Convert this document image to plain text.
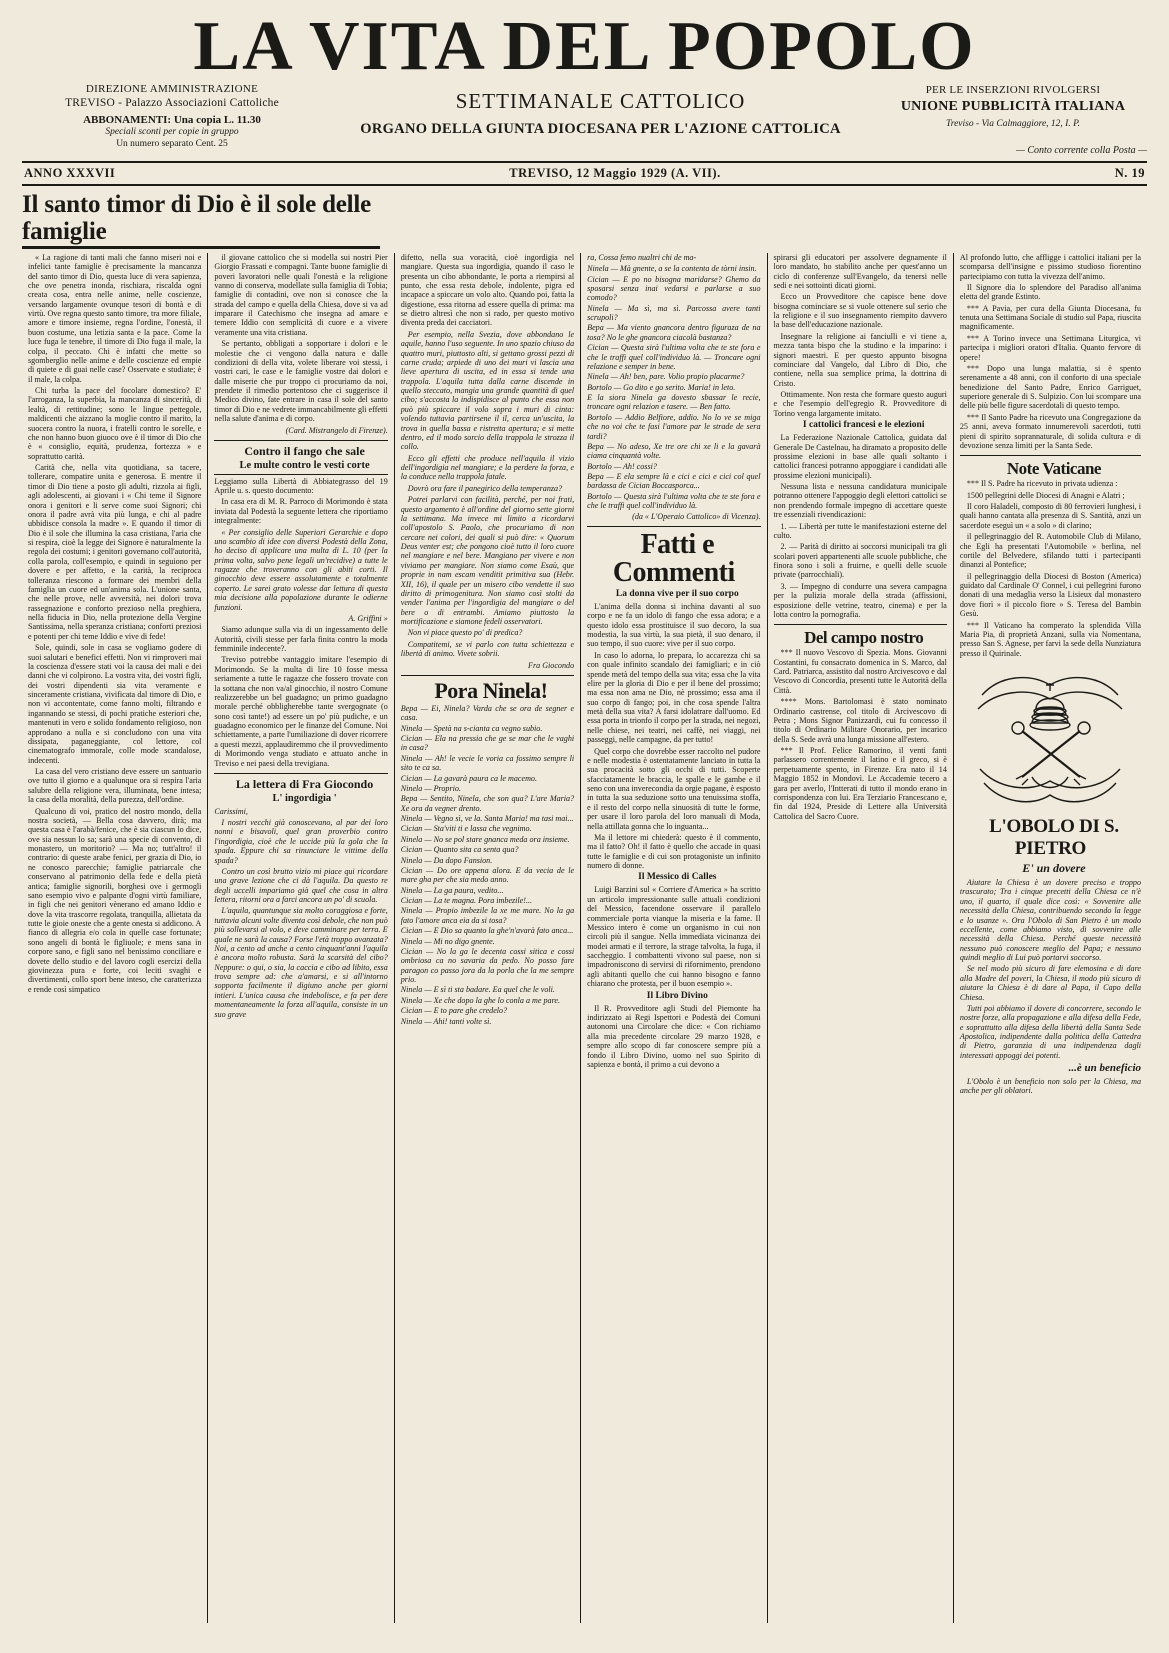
LA VITA DEL POPOLO
DIREZIONE AMMINISTRAZIONE
TREVISO - Palazzo Associazioni Cattoliche
ABBONAMENTI: Una copia L. 11.30
Speciali sconti per copie in gruppo
Un numero separato Cent. 25
SETTIMANALE CATTOLICO
ORGANO DELLA GIUNTA DIOCESANA PER L'AZIONE CATTOLICA
PER LE INSERZIONI RIVOLGERSI
UNIONE PUBBLICITÀ ITALIANA
Treviso - Via Calmaggiore, 12, I. P.
— Conto corrente colla Posta —
ANNO XXXVII	TREVISO, 12 Maggio 1929 (A. VII).	N. 19
Il santo timor di Dio è il sole delle famiglie

« La ragione di tanti mali che fanno miseri noi e infelici tante famiglie è precisamente la mancanza del santo timor di Dio, questa luce di vera sapienza, che ove penetra inonda, rischiara, riscalda ogni creata cosa, entra nelle anime, nelle coscienze, versando largamente ovunque tesori di bontà e di virtù. Ove regna questo santo timore, tra more filiale, amore e timore insieme, regna l'ordine, l'onestà, il buon costume, una letizia santa e la pace. Come la luce fuga le tenebre, il timore di Dio fuga il male, la colpa, il peccato. Chi è infatti che mette so sgomberglio nelle anime e delle coscienze ed empie di quiete e di guai nelle case? Osservate e studiate; è il male, la colpa.

Chi turba la pace del focolare domestico? E' l'arroganza, la superbia, la mancanza di sincerità, di lealtà, di rettitudine; sono le lingue pettegole, maldicenti che aizzano la moglie contro il marito, la suocera contro la nuora, i fratelli contro le sorelle, e che non hanno buon giuoco ove è il timor di Dio che è « consiglio, equità, prudenza, fortezza » e soprattutto carità.

Carità che, nella vita quotidiana, sa tacere, tollerare, compatire unita e generosa. E mentre il timor di Dio tiene a posto gli adulti, rizzola ai figli, agli adolescenti, ai giovani i « Chi teme il Signore onora i genitori e li serve come suoi Signori; chi onora il padre avrà vita più lunga, e chi al padre ubbidisce consola la madre ». E quando il timor di Dio è il sole che illumina la casa cristiana, l'aria che si respira, cioè la legge dei Signore è naturalmente la regola dei costumi; i genitori governano coll'autorità, colla parola, coll'esempio, e quindi in seguiono per dovere e per affetto, e la carità, la reciproca tolleranza riescono a formare dei membri della famiglia un cuore ed un'anima sola. L'unione santa, che nelle prove, nelle avversità, nei dolori trova rassegnazione e conforto prezioso nella preghiera, nella fiducia in Dio, nella protezione della Vergine Santissima, nella speranza cristiana; conforti preziosi e potenti per chi teme Iddio e vive di fede!

Sole, quindi, sole in casa se vogliamo godere di suoi salutari e benefici effetti. Non vi rimproveri mai la coscienza d'essere stati voi la causa dei mali e dei danni che vi colpirono. La vostra vita, dei vostri figli, dei vostri dipendenti sia vita veramente e sinceramente cristiana, vivificata dal timore di Dio, e non vi accontentate, come fanno molti, filtrando e ingannando se stessi, di pochi pratiche esteriori che, mantenuti in vero e solido fondamento religioso, non approdano a nulla e si concludono con una vita dissipata, paganeggiante, col lettore, col cinematografo immorale, colle mode scandalose, indecenti.

La casa del vero cristiano deve essere un santuario ove tutto il giorno e a qualunque ora si respira l'aria salubre della religione vera, illuminata, bene intesa; la casa della moralità, della purezza, dell'ordine.

Qualcuno di voi, pratico del nostro mondo, della nostra società, — Bella cosa davvero, dirà; ma questa casa è l'arabà/fenice, che è sia ciascun lo dice, ove sia nessun lo sa; sarà una specie di convento, di monastero, un moritorio? — Ma no; tutt'altro! il contrario: di queste arabe fenici, per grazia di Dio, io ne conosco parecchie; famiglie patriarcale che conservano al patrimonio della fede e della pietà antica; famiglie signorili, borghesi ove i germogli sano esempio vivo e palpante d'ogni virtù familiare, in figli che nei genitori vènerano ed amano Iddio e dove la vita trascorre regolata, tranquilla, allietata da tutte le gioie oneste che a gente onesta si addicono. A fianco di allegria e/o cola in quelle case fortunate; sono angeli di bontà le figliuole; e mens sana in corpore sano, e figli sano nel benissimo conciliare e dovete dello studio e del lavoro cogli esercizi della giovinezza pura e forte, coi leciti svaghi e divertimenti, collo sport bene inteso, che caratterizza e rende così simpatico

il giovane cattolico che si modella sui nostri Pier Giorgio Frassati e compagni. Tante buone famiglie di poveri lavoratori nelle quali l'onestà e la religione vanno di conserva, modellate sulla famiglia di Tobia; famiglie di contadini, ove non si conosce che la strada del campo e quella della Chiesa, dove si va ad imparare il Catechismo che insegna ad amare e temere Iddio con semplicità di cuore e a vivere veramente una vita cristiana.

Se pertanto, obbligati a sopportare i dolori e le molestie che ci vengono dalla natura e dalle condizioni di della vita, volete liberare voi stessi, i vostri cari, le case e le famiglie vostre dai dolori e dalle miserie che pur troppo ci procuriamo da noi, prendete il rimedio portentoso che ci suggerisce il Medico divino, fate entrare in casa il sole del santo timor di Dio e ne vedrete immancabilmente gli effetti nella salute d'anima e di corpo.

(Card. Mistrangelo di Firenze).

Contro il fango che sale

Le multe contro le vesti corte

Leggiamo sulla Libertà di Abbiategrasso del 19 Aprile u. s. questo documento:

In casa era di M. R. Parroco di Morimondo è stata inviata dal Podestà la seguente lettera che riportiamo integralmente:

« Per consiglio delle Superiori Gerarchie e dopo uno scambio di idee con diversi Podestà della Zona, ho deciso di applicare una multa di L. 10 (per la prima volta, salvo pene legali un'recidive) a tutte le ragazze che troveranno con gli abiti corti. Il ginocchio deve essere assolutamente e totalmente coperto. Le sarei grato volesse dar lettura di questa mia decisione alla popolazione durante le odierne funzioni.

A. Griffini »

Siamo adunque sulla via di un ingessamento delle Autorità, civili stesse per farla finita contro la moda femminile indecente?.

Treviso potrebbe vantaggio imitare l'esempio di Morimondo. Se la multa di lire 10 fosse messa seriamente a tutte le ragazze che fossero trovate con la sottana che non va/al ginocchio, il nostro Comune realizzerebbe un bel guadagno; un primo guadagno morale perché obbligherebbe tante svergognate (o sono così tante!) ad essere un po' più pudiche, e un guadagno economico per le finanze del Comune. Noi schiettamente, a parte l'umiliazione di dover ricorrere a questi mezzi, applaudiremmo che il provvedimento di Morimondo venga studiato e attuato anche in Treviso e nei paesi della trevigiana.

La lettera di Fra Giocondo

L' ingordigia '

Carissimi,

I nostri vecchi già conoscevano, al par dei loro nonni e bisavoli, quel gran proverbio contro l'ingordigia, cioè che le uccide più la gola che la spada. Eppure chi sa rinunciare le vittime della spada?

Contro un così brutto vizio mi piace qui ricordare una grave lezione che ci dà l'aquila. Da questo re degli uccelli impariamo già quel che cosa in altra lettera, ritorni ora a farci ancora un po' di scuola.

L'aquila, quantunque sia molto coraggiosa e forte, tuttavia alcuni volte diventa così debole, che non può più sollevarsi al volo, e deve camminare per terra. E quale ne sarà la causa? Forse l'età troppo avanzata? Noi, a cento ad anche a cento cinquant'anni l'aquila è ancora molto robusta. Sarà la scarsità del cibo? Neppure: o qui, o sia, la caccia e cibo ad libito, essa trova sempre ad: che a'amarsi, e si all'intorno sopporta facilmente il digiuno anche per giorni intieri. L'unica causa che indebolisce, e fa per dere momentaneamente la forza all'aquila, consiste in un suo grave

difetto, nella sua voracità, cioè ingordigia nel mangiare. Questa sua ingordigia, quando il caso le presenta un cibo abbondante, le porta a riempirsi al punto, che essa resta debole, indolente, pigra ed incapace a spiccare un volo alto. Quando poi, fatta la digestione, essa ritorna ad essere quella di prima: ma se dietro altresì che non si rado, per questo motivo diventa preda dei cacciatori.

Per esempio, nella Svezia, dove abbondano le aquile, hanno l'uso seguente. In uno spazio chiuso da quattro muri, piuttosto alti, si gettano grossi pezzi di carne cruda; arpiede di uno dei muri vi lascia una lieve apertura di uscita, ed in essa si tende una trappola. L'aquila tutta dalla carne discende in quello steccato, mangia una grande quantità di quel cibo; s'accosta la indispidisce al punto che essa non può più spiccare il volo sopra i muri di cinta: volendo tuttavia partirsene il il, cerca un'uscita, la trova in quella bassa e ristretta apertura; e si mette dentro, ed il modo sorcio della trappola le strozza il collo.

Ecco gli effetti che produce nell'aquila il vizio dell'ingordigia nel mangiare; e la perdere la forza, e la conduce nella trappola fatale.

Dovrò ora fare il panegirico della temperanza?

Potrei parlarvi con facilità, perché, per noi frati, questo argomento è all'ordine del giorno sette giorni la settimana. Ma invece mi limito a ricordarvi coll'apostolo S. Paolo, che procuriamo di non cercare nei colori, dei quali si può dire: « Quorum Deus venter est; che pongono cioè tutto il loro cuore nel mangiare e nel bere. Mangiano per vivere e non viviamo per mangiare. Non siamo come Esaù, que proprie in nam escam venditit primitiva sua (Hebr. XII, 16), il quale per un misero cibo vendette il suo diritto di primogenitura. Non siamo così stolti da vender l'anima per l'ingordigia del mangiare o del bere o di entrambi. Amiamo piuttosto la mortificazione e siamone fedeli osservatori.

Non vi piace questo po' di predica?

Compatitemi, se vi parlo con tutta schiettezza e libertà di animo. Vivete sobrii.

Fra Giocondo

Pora Ninela!

Bepa — Ei, Ninela? Varda che se ora de segner e casa.

Ninela — Spetà na s-cianta ca vegno subio.

Cician — Ela na pressia che ge se mar che le vaghi in casa?

Ninela — Ah! le vecie le voria ca fossimo sempre li sito te ca sa.

Cician — La gavarà paura ca le macemo.

Ninela — Proprio.

Bepa — Sentito, Ninela, che son qua? L'are Maria? Xe ora da vegner drento.

Ninela — Vegno sì, ve la. Santa Maria! ma tasi mai...

Cician — Sta'viti ti e lassa che vegnimo.

Ninela — No se pol stare gnanca meda ora insieme.

Cician — Quanto sita ca senta qua?

Ninela — Da dopo Fansion.

Cician — Do ore appena alora. E da vecia de le mare gha per che sia medo anno.

Ninela — La ga paura, vedito...

Cician — La te magna. Pora imbezile!...

Ninela — Propio imbezile la xe me mare. No la ga fato l'amore anca eia da si tosa?

Cician — E Dio sa quanto la ghe'n'avarà fato anca...

Ninela — Mi no digo gnente.

Cician — No la ga le decenta cossi sitica e cossi ombriosa ca no savaria da pedo. No posso fare paragon co passo jora da la porla che la me sempre prio.

Ninela — E sì ti sta badare. Ea quel che le voli.

Ninela — Xe che dopo la ghe lo conla a me pare.

Cician — E to pare ghe credelo?

Ninela — Ahi! tanti volte sì.

ra, Cossa femo nualtri chi de ma-

Ninela — Mà gnente, a se la contenta de tòrni insin.

Cician — E po no bisogna maridarse? Ghemo da sposarsi senza inai vedarsi e parlarse a suo comodo?

Ninela — Ma sì, ma sì. Parcossa avere tanti scrupoli?

Bepa — Ma viento gnancora dentro figuraza de na tosa? No le ghe gnancora ciacolà bastanza?

Cician — Questa sirà l'ultima volta che te ste fora e che le traffi quel coll'individuo là. — Troncare ogni relazione e semper in bene.

Ninela — Ah! ben, pare. Volio propio placarme?

Bortolo — Go dito e go serito. Maria! in leto.

E la siora Ninela ga dovesto sbassar le recie, troncare ogni relazion e tasere. — Ben fatto.

Bortolo — Addio Belfiore, addio. No lo ve se miga che no voi che te fasi l'amore par le strade de sera tardi?

Bepa — No adeso, Xe tre ore chi xe li e la gavarà ciama cinquantà volte.

Bortolo — Ah! cossi?

Bepa — E ela sempre là e cici e cici e cici col quel bardassa de Cician Boccasporca...

Bortolo — Questa sirà l'ultima volta che te ste fora e che le traffi quel coll'individuo là.

(da « L'Operaio Cattolico» di Vicenza).

Fatti e Commenti

La donna vive per il suo corpo

L'anima della donna si inchina davanti al suo corpo e ne fa un idolo di fango che essa adora; e a questo idolo essa prostituisce il suo decoro, la sua modestia, la sua virtù, la sua pietà, il suo denaro, il suo tempo, il suo cuore: vive per il suo corpo.

In caso lo adorna, lo prepara, lo accarezza chi sa con quale infinito scandalo dei famigliari; e in ciò spende metà del tempo della sua vita; essa che la vita elire per la gloria di Dio e per il bene del prossimo; ma essa non ama ne Dio, nè prossimo; essa ama il suo corpo di fango; poi, in che cosa spende l'altra metà della sua vita? A farsi idolatrare dall'uomo. Ed essa porta in trionfo il corpo per la strada, nei negozi, nelle chiese, nei teatri, nei caffè, nei viaggi, nei passeggi, nelle campagne, da per tutto!

Quel corpo che dovrebbe esser raccolto nel pudore e nelle modestia è ostentatamente lanciato in tutta la sua procacità sotto gli occhi di tutti. Scoperte sfacciatamente le braccia, le spalle e le gambe e il seno con una inverecondia da orgie pagane, è esposto in tutta la sua seduzione sotto una tenuissima stoffa, e il resto del corpo nella sinuosità di tutte le forme, per usare il loro parola del loro manuali di Moda, nella attillata gonna che lo inguanta...

Ma il lettore mi chiederà: questo è il commento, ma il fatto? Oh! il fatto è quello che accade in quasi tutte le famiglie e di cui son protagoniste un infinito numero di donne.

Il Messico di Calles

Luigi Barzini sul « Corriere d'America » ha scritto un articolo impressionante sulle attuali condizioni del Messico, facendone osservare il parallelo commerciale porta vianque la miseria e la fame. Il Messico intero è come un organismo in cui non circoli più il sangue. Nella immediata vicinanza dei modei armati e il terrore, la strage talvolta, la fuga, il saccheggio. I combattenti vivono sul paese, non si impadroniscono di servirsi di rifornimento, prendono agli abitanti quello che cui hanno bisogno e fanno chiarano che protesta, per il buon esempio ».

Il Libro Divino

Il R. Provveditore agli Studi del Piemonte ha indirizzato ai Regi Ispettori e Podestà dei Comuni autonomi una Circolare che dice: « Con richiamo alla mia precedente circolare 29 marzo 1928, e sempre allo scopo di far conoscere sempre più a fondo il Libro Divino, uomo nel suo Spirito di sapienza e bontà, il primo a cui devono a

spirarsi gli educatori per assolvere degnamente il loro mandato, ho stabilito anche per quest'anno un ciclo di conferenze sull'Evangelo, da tenersi nelle sedi e nei sottointi dicati giorni.

Ecco un Provveditore che capisce bene dove bisogna cominciare se si vuole ottenere sul serio che la religione e il suo insegnamento riempito davvero la base dell'educazione nazionale.

Insegnare la religione ai fanciulli e vi tiene a, mezza tanta bispo che la studino e la imparino: i signori maestri. E per questo appunto bisogna cominciare dal Vangelo, dal Libro di Dio, che contiene, nella sua semplice prima, la dottrina di Cristo.

Ottimamente. Non resta che formare questo auguri e che l'esempio dell'egregio R. Provveditore di Torino venga largamente imitato.

I cattolici francesi e le elezioni

La Federazione Nazionale Cattolica, guidata dal Generale De Castelnau, ha diramato a proposito delle prossime elezioni in base alle quali soltanto i cattolici francesi potranno appoggiare i candidati alle prossime elezioni municipali).

Nessuna lista e nessuna candidatura municipale potranno ottenere l'appoggio degli elettori cattolici se non prendendo formale impegno di accettare queste tre essenziali rivendicazioni:

1. — Libertà per tutte le manifestazioni esterne del culto.

2. — Parità di diritto ai soccorsi municipali tra gli scolari poveri appartenenti alle scuole pubbliche, che finora sono i soli a fruirne, e quelli delle scuole private (parrocchiali).

3. — Impegno di condurre una severa campagna per la pulizia morale della strada (affissioni, esposizione delle vetrine, teatro, cinema) e per la lotta contro la pornografia.

Del campo nostro

*** Il nuovo Vescovo di Spezia. Mons. Giovanni Costantini, fu consacrato domenica in S. Marco, dal Card. Patriarca, assistito dal nostro Arcivescovo e dal Vescovo di Concordia, presenti tutte le Autorità della Città.

**** Mons. Bartolomasi è stato nominato Ordinario castrense, col titolo di Arcivescovo di Petra ; Mons Signor Panizzardi, cui fu concesso il titolo di Ordinario Militare Onorario, per incarico della S. Sede avrà una lunga missione all'estero.

*** Il Prof. Felice Ramorino, il venti fanti parlassero correntemente il latino e il greco, si è perpetuamente spento, in Firenze. Era nato il 14 Maggio 1852 in Mondovì. Le Accademie tecero a gara per averlo, l'Intterati di tutto il mondo erano in corrispondenza con lui. Era Terziario Francescano e, fin dal 1924, Preside di Lettere alla Università Cattolica del Sacro Cuore.

Al profondo lutto, che affligge i cattolici italiani per la scomparsa dell'insigne e pissimo studioso fiorentino partecipiamo con tutta la vivezza dell'animo.

Il Signore dia lo splendore del Paradiso all'anima eletta del grande Estinto.

*** A Pavia, per cura della Giunta Diocesana, fu tenuta una Settimana Sociale di studio sul Papa, riuscita magnificamente.

*** A Torino invece una Settimana Liturgica, vi partecipa i migliori oratori d'Italia. Quanto fervore di opere!

*** Dopo una lunga malattia, si è spento serenamente a 48 anni, con il conforto di una speciale benedizione del Santo Padre, Enrico Garriguet, superiore generale di S. Sulpizio. Con lui scompare una delle più belle figure sacerdotali di questo tempo.

*** Il Santo Padre ha ricevuto una Congregazione da 25 anni, aveva formato innumerevoli sacerdoti, tutti pieni di spirito soprannaturale, di solida cultura e di devozione senza limiti per la Santa Sede.

Note Vaticane

*** Il S. Padre ha ricevuto in privata udienza :

1500 pellegrini delle Diocesi di Anagni e Alatri ;

Il coro Haladeli, composto di 80 ferrovieri lunghesi, i quali hanno cantata alla presenza di S. Santità, anzi un sacerdote eseguì un « a solo » di clarino;

il pellegrinaggio del R. Automobile Club di Milano, che Egli ha presentati l'Automobile » berlina, nel cortile del Belvedere, sfilando tutti i partecipanti dinanzi al Pontefice;

il pellegrinaggio della Diocesi di Boston (America) guidato dal Cardinale O' Connel, i cui pellegrini furono donati di una medaglia verso la Lisieux dal monastero dove fiorì » il piccolo fiore » S. Teresa del Bambin Gesù.

*** Il Vaticano ha comperato la splendida Villa Maria Pia, di proprietà Anzani, sulla via Nomentana, presso San S. Agnese, per farvi la sede della Nunziatura presso il Quirinale.

L'OBOLO DI S. PIETRO

E' un dovere

Aiutare la Chiesa è un dovere preciso e troppo trascurato; Tra i cinque precetti della Chiesa ce n'è uno, il quarto, il quale dice così: « Sovvenire alle necessità della Chiesa, contribuendo secondo la legge e lo usanze ». Ora l'Obolo di San Pietro è un modo eccellente, come abbiamo visto, di sovvenire alle necessità della Chiesa. Perché queste necessità nessuno può conoscere meglio del Papa; e nessuno quindi meglio di Lui può portarvi soccorso.

Se nel modo più sicuro di fare elemosina e di dare alla Madre del poveri, la Chiesa, il modo più sicuro di aiutare la Chiesa è di dare al Papa, il Capo della Chiesa.

Tutti poi abbiamo il dovere di concorrere, secondo le nostre forze, alla propagazione e alla difesa della Fede, e soprattutto alla difesa della libertà della Santa Sede Apostolica, indipendente dalla politica della Cattedra di Pietro, garanzia di una indipendenza dagli interessati appoggi dei potenti.

...è un beneficio

L'Obolo è un beneficio non solo per la Chiesa, ma anche per gli oblatori.
